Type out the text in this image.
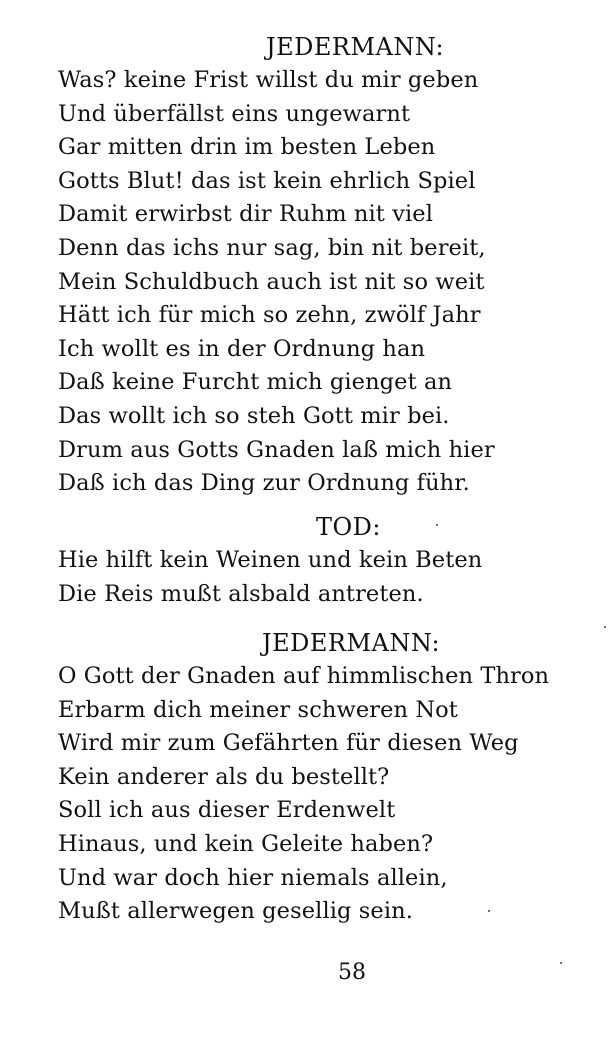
JEDERMANN:
Was? keine Frist willst du mir geben
Und überfällst eins ungewarnt
Gar mitten drin im besten Leben
Gotts Blut! das ist kein ehrlich Spiel
Damit erwirbst dir Ruhm nit viel
Denn das ichs nur sag, bin nit bereit,
Mein Schuldbuch auch ist nit so weit
Hätt ich für mich so zehn, zwölf Jahr
Ich wollt es in der Ordnung han
Daß keine Furcht mich gienget an
Das wollt ich so steh Gott mir bei.
Drum aus Gotts Gnaden laß mich hier
Daß ich das Ding zur Ordnung führ.
TOD:
Hie hilft kein Weinen und kein Beten
Die Reis mußt alsbald antreten.
JEDERMANN:
O Gott der Gnaden auf himmlischen Thron
Erbarm dich meiner schweren Not
Wird mir zum Gefährten für diesen Weg
Kein anderer als du bestellt?
Soll ich aus dieser Erdenwelt
Hinaus, und kein Geleite haben?
Und war doch hier niemals allein,
Mußt allerwegen gesellig sein.
58
